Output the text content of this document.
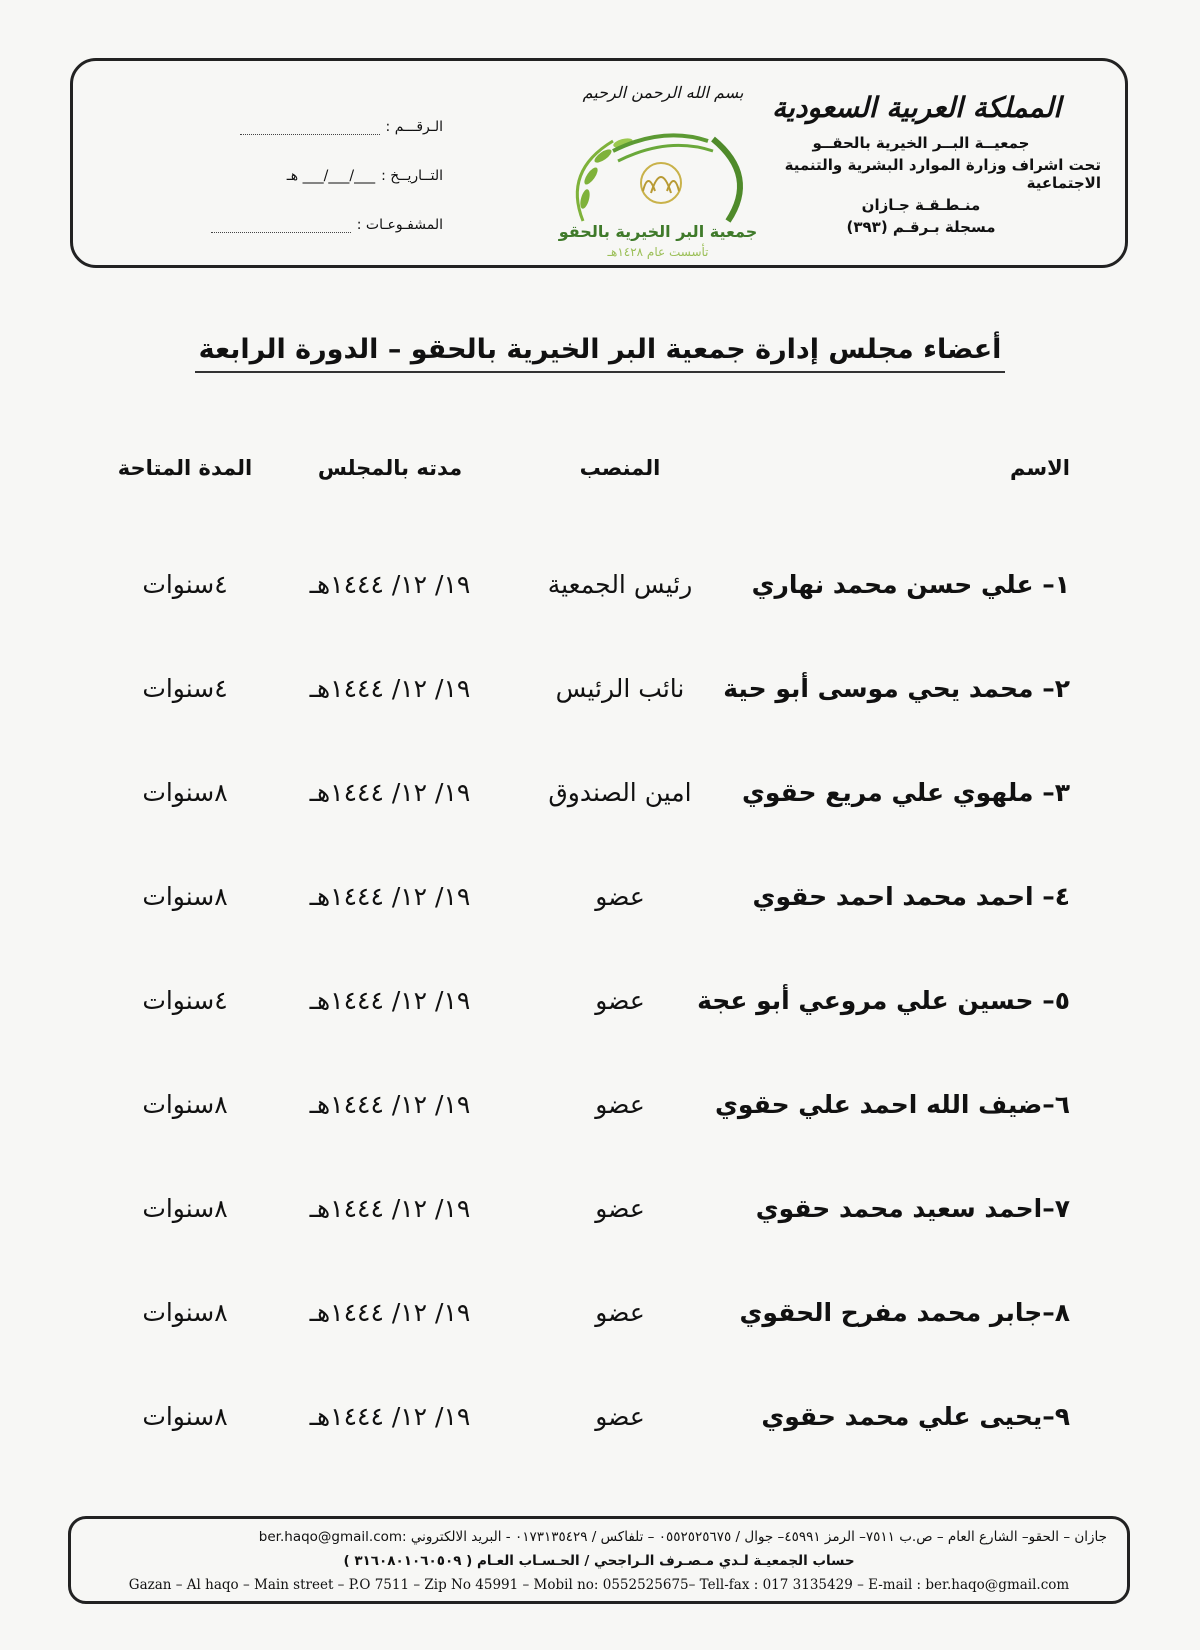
المملكة العربية السعودية
جمعيــة البــر الخيرية بالحقــو
تحت اشراف وزارة الموارد البشرية والتنمية الاجتماعية
منـطـقـة جـازان
مسجلة بـرقـم (٣٩٣)
بسم الله الرحمن الرحيم
جمعية البر الخيرية بالحقو
تأسست عام ١٤٢٨هـ
الـرقـــم :
التــاريــخ :
___/___/___ هـ
المشفـوعـات :
أعضاء مجلس إدارة جمعية البر الخيرية بالحقو – الدورة الرابعة
الاسم
المنصب
مدته بالمجلس
المدة المتاحة
١– علي حسن محمد نهاري
رئيس الجمعية
١٩/ ١٢/ ١٤٤٤هـ
٤سنوات
٢– محمد يحي موسى أبو حية
نائب الرئيس
١٩/ ١٢/ ١٤٤٤هـ
٤سنوات
٣– ملهوي علي مريع حقوي
امين الصندوق
١٩/ ١٢/ ١٤٤٤هـ
٨سنوات
٤– احمد محمد احمد حقوي
عضو
١٩/ ١٢/ ١٤٤٤هـ
٨سنوات
٥– حسين علي مروعي أبو عجة
عضو
١٩/ ١٢/ ١٤٤٤هـ
٤سنوات
٦–ضيف الله احمد علي حقوي
عضو
١٩/ ١٢/ ١٤٤٤هـ
٨سنوات
٧–احمد سعيد محمد حقوي
عضو
١٩/ ١٢/ ١٤٤٤هـ
٨سنوات
٨–جابر محمد مفرح الحقوي
عضو
١٩/ ١٢/ ١٤٤٤هـ
٨سنوات
٩–يحيى علي محمد حقوي
عضو
١٩/ ١٢/ ١٤٤٤هـ
٨سنوات
جازان – الحقو– الشارع العام – ص.ب ٧٥١١– الرمز ٤٥٩٩١– جوال / ٠٥٥٢٥٢٥٦٧٥ – تلفاكس / ٠١٧٣١٣٥٤٢٩ - البريد الالكتروني :ber.haqo@gmail.com
حساب الجمعيـة لـدي مـصـرف الـراجحي / الحـسـاب العـام ( ٣١٦٠٨٠١٠٦٠٥٠٩ )
Gazan – Al haqo – Main street – P.O 7511 – Zip No 45991 – Mobil no: 0552525675– Tell-fax : 017 3135429 – E-mail : ber.haqo@gmail.com
